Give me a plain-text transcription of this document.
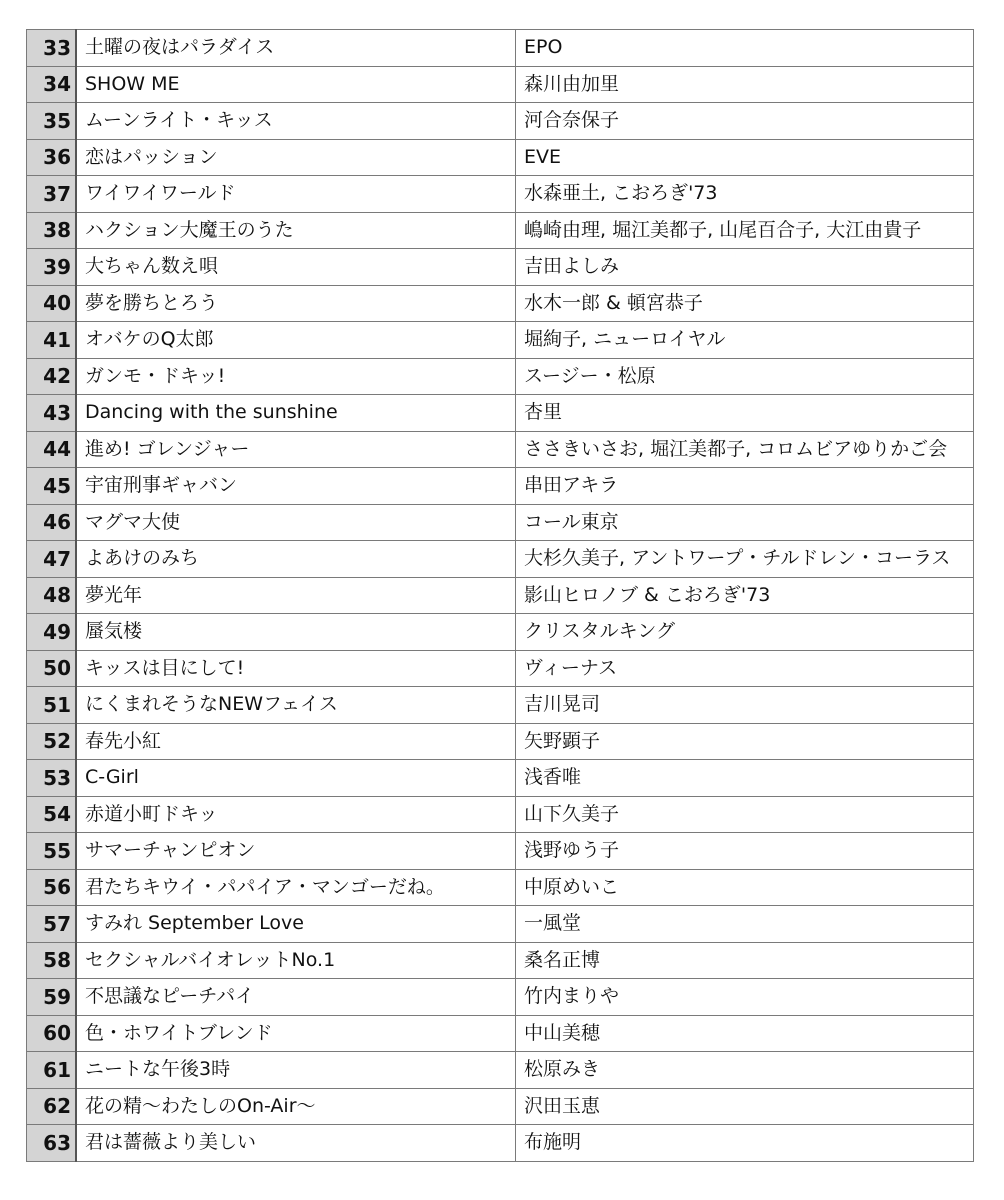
33	土曜の夜はパラダイス	EPO
34	SHOW ME	森川由加里
35	ムーンライト・キッス	河合奈保子
36	恋はパッション	EVE
37	ワイワイワールド	水森亜土, こおろぎ'73
38	ハクション大魔王のうた	嶋崎由理, 堀江美都子, 山尾百合子, 大江由貴子
39	大ちゃん数え唄	吉田よしみ
40	夢を勝ちとろう	水木一郎 & 頓宮恭子
41	オバケのQ太郎	堀絢子, ニューロイヤル
42	ガンモ・ドキッ!	スージー・松原
43	Dancing with the sunshine	杏里
44	進め! ゴレンジャー	ささきいさお, 堀江美都子, コロムビアゆりかご会
45	宇宙刑事ギャバン	串田アキラ
46	マグマ大使	コール東京
47	よあけのみち	大杉久美子, アントワープ・チルドレン・コーラス
48	夢光年	影山ヒロノブ & こおろぎ'73
49	蜃気楼	クリスタルキング
50	キッスは目にして!	ヴィーナス
51	にくまれそうなNEWフェイス	吉川晃司
52	春先小紅	矢野顕子
53	C-Girl	浅香唯
54	赤道小町ドキッ	山下久美子
55	サマーチャンピオン	浅野ゆう子
56	君たちキウイ・パパイア・マンゴーだね。	中原めいこ
57	すみれ September Love	一風堂
58	セクシャルバイオレットNo.1	桑名正博
59	不思議なピーチパイ	竹内まりや
60	色・ホワイトブレンド	中山美穂
61	ニートな午後3時	松原みき
62	花の精〜わたしのOn-Air〜	沢田玉恵
63	君は薔薇より美しい	布施明
